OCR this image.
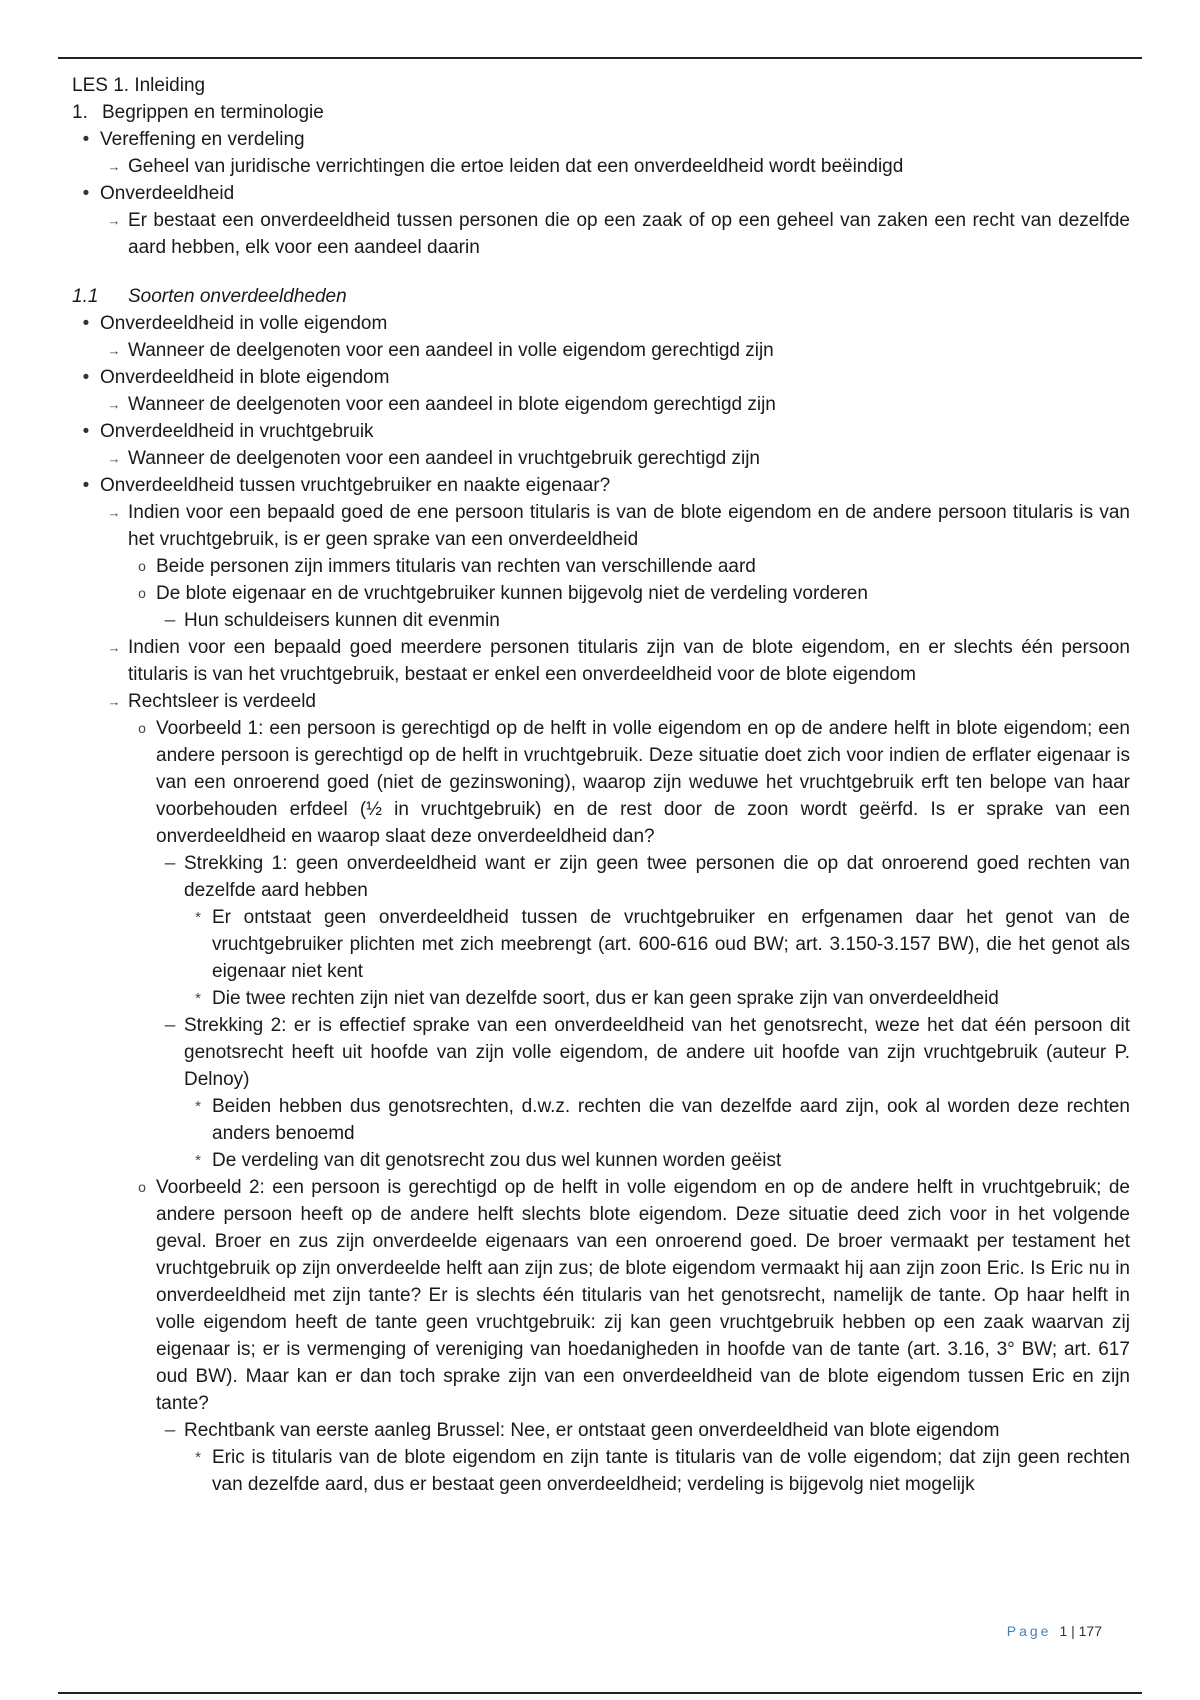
LES 1. Inleiding
1. Begrippen en terminologie
• Vereffening en verdeling
→ Geheel van juridische verrichtingen die ertoe leiden dat een onverdeeldheid wordt beëindigd
• Onverdeeldheid
→ Er bestaat een onverdeeldheid tussen personen die op een zaak of op een geheel van zaken een recht van dezelfde aard hebben, elk voor een aandeel daarin
1.1	Soorten onverdeeldheden
• Onverdeeldheid in volle eigendom
→ Wanneer de deelgenoten voor een aandeel in volle eigendom gerechtigd zijn
• Onverdeeldheid in blote eigendom
→ Wanneer de deelgenoten voor een aandeel in blote eigendom gerechtigd zijn
• Onverdeeldheid in vruchtgebruik
→ Wanneer de deelgenoten voor een aandeel in vruchtgebruik gerechtigd zijn
• Onverdeeldheid tussen vruchtgebruiker en naakte eigenaar?
→ Indien voor een bepaald goed de ene persoon titularis is van de blote eigendom en de andere persoon titularis is van het vruchtgebruik, is er geen sprake van een onverdeeldheid
o Beide personen zijn immers titularis van rechten van verschillende aard
o De blote eigenaar en de vruchtgebruiker kunnen bijgevolg niet de verdeling vorderen
– Hun schuldeisers kunnen dit evenmin
→ Indien voor een bepaald goed meerdere personen titularis zijn van de blote eigendom, en er slechts één persoon titularis is van het vruchtgebruik, bestaat er enkel een onverdeeldheid voor de blote eigendom
→ Rechtsleer is verdeeld
o Voorbeeld 1: een persoon is gerechtigd op de helft in volle eigendom en op de andere helft in blote eigendom; een andere persoon is gerechtigd op de helft in vruchtgebruik. Deze situatie doet zich voor indien de erflater eigenaar is van een onroerend goed (niet de gezinswoning), waarop zijn weduwe het vruchtgebruik erft ten belope van haar voorbehouden erfdeel (½ in vruchtgebruik) en de rest door de zoon wordt geërfd. Is er sprake van een onverdeeldheid en waarop slaat deze onverdeeldheid dan?
– Strekking 1: geen onverdeeldheid want er zijn geen twee personen die op dat onroerend goed rechten van dezelfde aard hebben
* Er ontstaat geen onverdeeldheid tussen de vruchtgebruiker en erfgenamen daar het genot van de vruchtgebruiker plichten met zich meebrengt (art. 600-616 oud BW; art. 3.150-3.157 BW), die het genot als eigenaar niet kent
* Die twee rechten zijn niet van dezelfde soort, dus er kan geen sprake zijn van onverdeeldheid
– Strekking 2: er is effectief sprake van een onverdeeldheid van het genotsrecht, weze het dat één persoon dit genotsrecht heeft uit hoofde van zijn volle eigendom, de andere uit hoofde van zijn vruchtgebruik (auteur P. Delnoy)
* Beiden hebben dus genotsrechten, d.w.z. rechten die van dezelfde aard zijn, ook al worden deze rechten anders benoemd
* De verdeling van dit genotsrecht zou dus wel kunnen worden geëist
o Voorbeeld 2: een persoon is gerechtigd op de helft in volle eigendom en op de andere helft in vruchtgebruik; de andere persoon heeft op de andere helft slechts blote eigendom. Deze situatie deed zich voor in het volgende geval. Broer en zus zijn onverdeelde eigenaars van een onroerend goed. De broer vermaakt per testament het vruchtgebruik op zijn onverdeelde helft aan zijn zus; de blote eigendom vermaakt hij aan zijn zoon Eric. Is Eric nu in onverdeeldheid met zijn tante? Er is slechts één titularis van het genotsrecht, namelijk de tante. Op haar helft in volle eigendom heeft de tante geen vruchtgebruik: zij kan geen vruchtgebruik hebben op een zaak waarvan zij eigenaar is; er is vermenging of vereniging van hoedanigheden in hoofde van de tante (art. 3.16, 3° BW; art. 617 oud BW). Maar kan er dan toch sprake zijn van een onverdeeldheid van de blote eigendom tussen Eric en zijn tante?
– Rechtbank van eerste aanleg Brussel: Nee, er ontstaat geen onverdeeldheid van blote eigendom
* Eric is titularis van de blote eigendom en zijn tante is titularis van de volle eigendom; dat zijn geen rechten van dezelfde aard, dus er bestaat geen onverdeeldheid; verdeling is bijgevolg niet mogelijk
Page 1 | 177
